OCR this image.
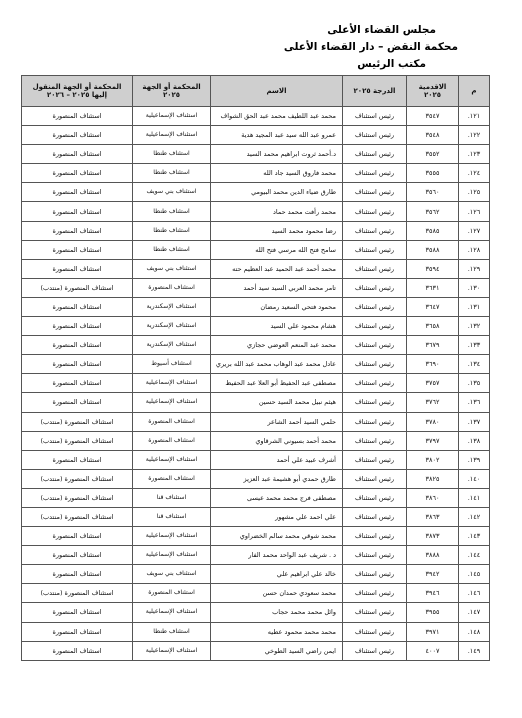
مجلس القضاء الأعلى
محكمة النقض – دار القضاء الأعلى
مكتب الرئيس
م	الاقدمية ٢٠٢٥	الدرجة ٢٠٢٥	الاسم	المحكمة أو الجهة ٢٠٢٥	المحكمة أو الجهة المنقول إليها ٢٠٢٥ – ٢٠٢٦
١٢١.	٣٥٤٧	رئيس استئناف	محمد عبد اللطيف محمد عبد الحق الشواف	استئناف الإسماعيلية	استئناف المنصورة
١٢٢.	٣٥٤٨	رئيس استئناف	عمرو عبد الله سيد عبد المجيد هدية	استئناف الإسماعيلية	استئناف المنصورة
١٢٣.	٣٥٥٢	رئيس استئناف	د.أحمد ثروت ابراهيم محمد السيد	استئناف طنطا	استئناف المنصورة
١٢٤.	٣٥٥٥	رئيس استئناف	محمد فاروق السيد جاد الله	استئناف طنطا	استئناف المنصورة
١٢٥.	٣٥٦٠	رئيس استئناف	طارق ضياء الدين محمد البيومي	استئناف بني سويف	استئناف المنصورة
١٢٦.	٣٥٦٢	رئيس استئناف	محمد رأفت محمد حماد	استئناف طنطا	استئناف المنصورة
١٢٧.	٣٥٨٥	رئيس استئناف	رضا محمود محمد السيد	استئناف طنطا	استئناف المنصورة
١٢٨.	٣٥٨٨	رئيس استئناف	سامح فتح الله مرسي فتح الله	استئناف طنطا	استئناف المنصورة
١٢٩.	٣٥٩٤	رئيس استئناف	محمد أحمد عبد الحميد عبد العظيم حته	استئناف بني سويف	استئناف المنصورة
١٣٠.	٣٦٣١	رئيس استئناف	تامر محمد العربي السيد سيد أحمد	استئناف المنصورة	استئناف المنصورة (منتدب)
١٣١.	٣٦٤٧	رئيس استئناف	محمود فتحي السعيد رمضان	استئناف الإسكندرية	استئناف المنصورة
١٣٢.	٣٦٥٨	رئيس استئناف	هشام محمود علي السيد	استئناف الإسكندرية	استئناف المنصورة
١٣٣.	٣٦٧٩	رئيس استئناف	محمد عبد المنعم العوضي حجازي	استئناف الإسكندرية	استئناف المنصورة
١٣٤.	٣٦٩٠	رئيس استئناف	عادل محمد عبد الوهاب محمد عبد الله بريري	استئناف أسيوط	استئناف المنصورة
١٣٥.	٣٧٥٧	رئيس استئناف	مصطفى عبد الحفيظ أبو العلا عبد الحفيظ	استئناف الإسماعيلية	استئناف المنصورة
١٣٦.	٣٧٦٢	رئيس استئناف	هيثم نبيل محمد السيد حسين	استئناف الإسماعيلية	استئناف المنصورة
١٣٧.	٣٧٨٠	رئيس استئناف	حلمي السيد أحمد الشاعر	استئناف المنصورة	استئناف المنصورة (منتدب)
١٣٨.	٣٧٩٧	رئيس استئناف	محمد أحمد بسيوني الشرقاوي	استئناف المنصورة	استئناف المنصورة (منتدب)
١٣٩.	٣٨٠٢	رئيس استئناف	أشرف عبيد علي أحمد	استئناف الإسماعيلية	استئناف المنصورة
١٤٠.	٣٨٢٥	رئيس استئناف	طارق حمدي أبو هشيمة عبد العزيز	استئناف المنصورة	استئناف المنصورة (منتدب)
١٤١.	٣٨٦٠	رئيس استئناف	مصطفى فرج محمد محمد عيسى	استئناف قنا	استئناف المنصورة (منتدب)
١٤٢.	٣٨٦٣	رئيس استئناف	علي احمد علي مشهور	استئناف قنا	استئناف المنصورة (منتدب)
١٤٣.	٣٨٧٣	رئيس استئناف	محمد شوقي محمد سالم الخضراوي	استئناف الإسماعيلية	استئناف المنصورة
١٤٤.	٣٨٨٨	رئيس استئناف	د . شريف عبد الواحد محمد الفار	استئناف الإسماعيلية	استئناف المنصورة
١٤٥.	٣٩٤٢	رئيس استئناف	خالد علي ابراهيم علي	استئناف بني سويف	استئناف المنصورة
١٤٦.	٣٩٤٦	رئيس استئناف	محمد سعودي حمدان حسن	استئناف المنصورة	استئناف المنصورة (منتدب)
١٤٧.	٣٩٥٥	رئيس استئناف	وائل محمد محمد حجاب	استئناف الإسماعيلية	استئناف المنصورة
١٤٨.	٣٩٧١	رئيس استئناف	محمد محمد محمود عطيه	استئناف طنطا	استئناف المنصورة
١٤٩.	٤٠٠٧	رئيس استئناف	ايمن راضي السيد الطوخي	استئناف الإسماعيلية	استئناف المنصورة
